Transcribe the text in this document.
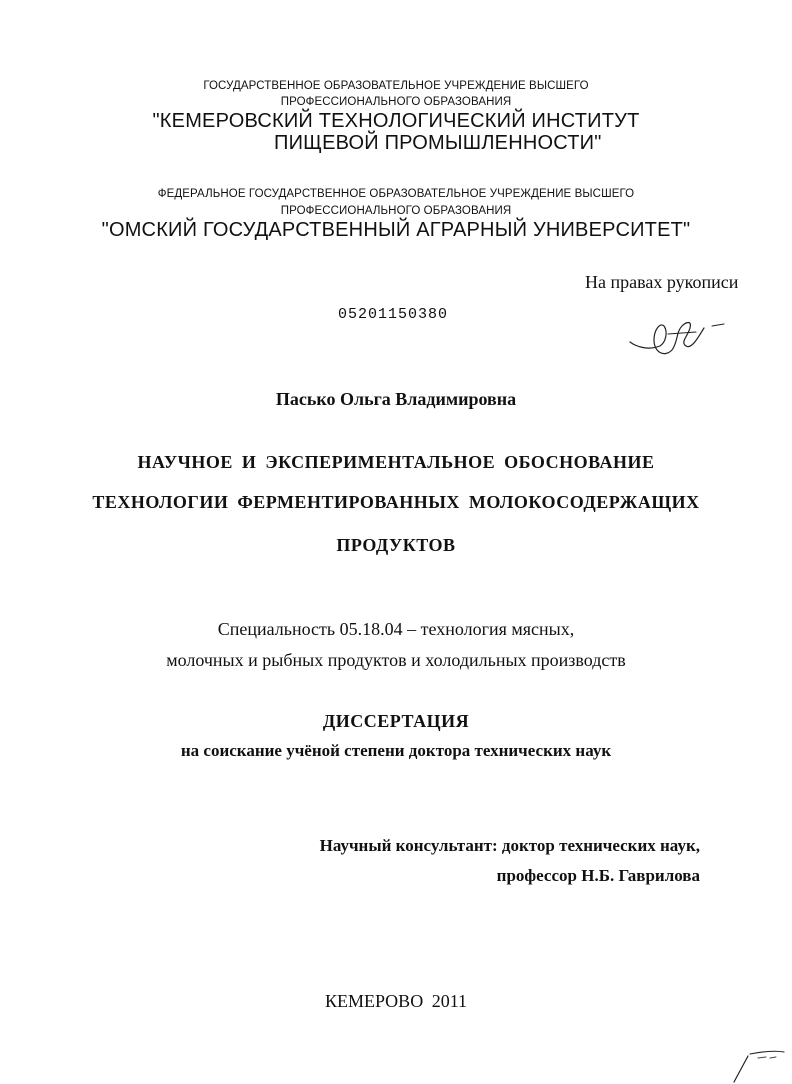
ГОСУДАРСТВЕННОЕ ОБРАЗОВАТЕЛЬНОЕ УЧРЕЖДЕНИЕ ВЫСШЕГО
ПРОФЕССИОНАЛЬНОГО ОБРАЗОВАНИЯ
"КЕМЕРОВСКИЙ ТЕХНОЛОГИЧЕСКИЙ ИНСТИТУТ
ПИЩЕВОЙ ПРОМЫШЛЕННОСТИ"
ФЕДЕРАЛЬНОЕ ГОСУДАРСТВЕННОЕ ОБРАЗОВАТЕЛЬНОЕ УЧРЕЖДЕНИЕ ВЫСШЕГО
ПРОФЕССИОНАЛЬНОГО ОБРАЗОВАНИЯ
"ОМСКИЙ ГОСУДАРСТВЕННЫЙ АГРАРНЫЙ УНИВЕРСИТЕТ"
На правах рукописи
05201150380
Пасько Ольга Владимировна
НАУЧНОЕ И ЭКСПЕРИМЕНТАЛЬНОЕ ОБОСНОВАНИЕ
ТЕХНОЛОГИИ ФЕРМЕНТИРОВАННЫХ МОЛОКОСОДЕРЖАЩИХ
ПРОДУКТОВ
Специальность 05.18.04 – технология мясных,
молочных и рыбных продуктов и холодильных производств
ДИССЕРТАЦИЯ
на соискание учёной степени доктора технических наук
Научный консультант: доктор технических наук,
профессор Н.Б. Гаврилова
КЕМЕРОВО 2011
